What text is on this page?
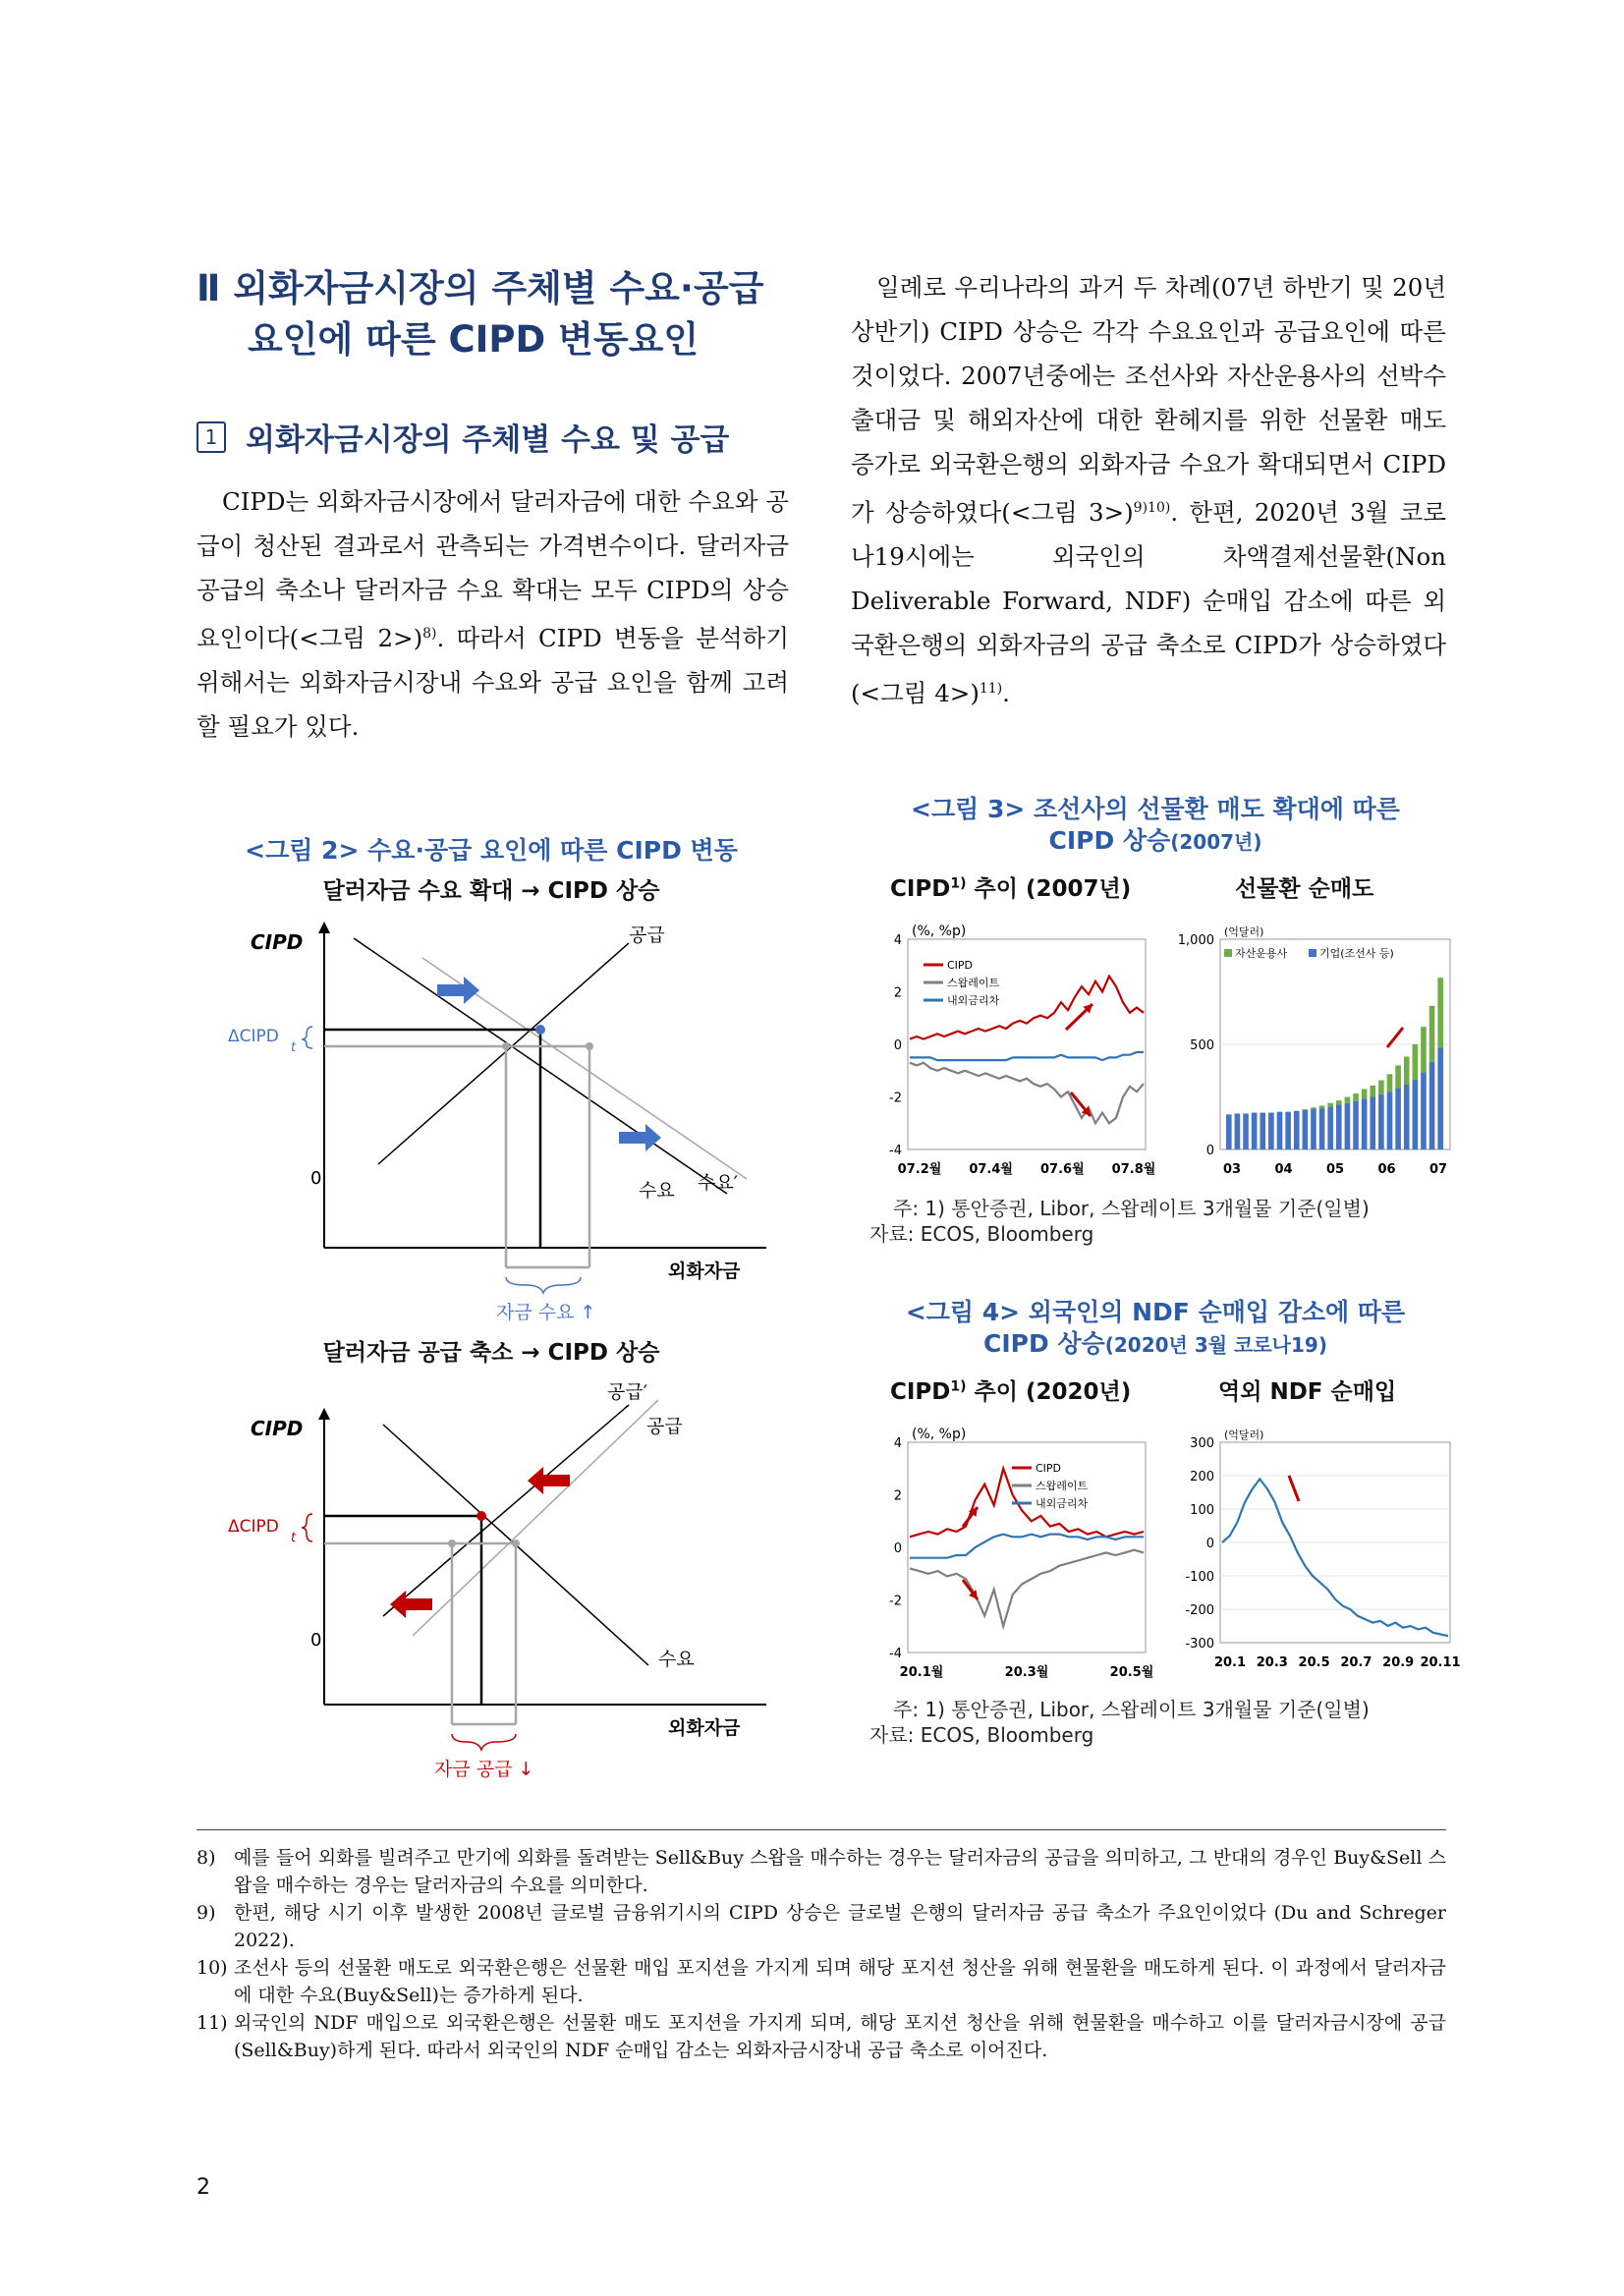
Ⅱ 외화자금시장의 주체별 수요·공급
요인에 따른 CIPD 변동요인
1 외화자금시장의 주체별 수요 및 공급

CIPD는 외화자금시장에서 달러자금에 대한 수요와 공급이 청산된 결과로서 관측되는 가격변수이다. 달러자금 공급의 축소나 달러자금 수요 확대는 모두 CIPD의 상승요인이다(<그림 2>)$^{8)}$. 따라서 CIPD 변동을 분석하기 위해서는 외화자금시장내 수요와 공급 요인을 함께 고려할 필요가 있다.

일례로 우리나라의 과거 두 차례(07년 하반기 및 20년 상반기) CIPD 상승은 각각 수요요인과 공급요인에 따른 것이었다. 2007년중에는 조선사와 자산운용사의 선박수출대금 및 해외자산에 대한 환헤지를 위한 선물환 매도 증가로 외국환은행의 외화자금 수요가 확대되면서 CIPD가 상승하였다(<그림 3>)$^{9)10)}$. 한편, 2020년 3월 코로나19시에는 외국인의 차액결제선물환(Non Deliverable Forward, NDF) 순매입 감소에 따른 외국환은행의 외화자금의 공급 축소로 CIPD가 상승하였다(<그림 4>)$^{11)}$.

<그림 2> 수요·공급 요인에 따른 CIPD 변동
달러자금 수요 확대 → CIPD 상승
CIPD
외화자금
0
공급
수요 수요′
ΔCIPD
t
자금 수요 ↑
달러자금 공급 축소 → CIPD 상승
CIPD
외화자금
0
공급′
공급
수요
ΔCIPD
t
자금 공급 ↓
<그림 3> 조선사의 선물환 매도 확대에 따른
CIPD 상승(2007년)
CIPD$^{1)}$ 추이 (2007년)	선물환 순매도
(%, %p)
4
2
0
-2
-4
07.2월 07.4월 07.6월 07.8월
CIPD
스왑레이트
내외금리차
(억달러)
1,000
500
0
03	04	05	06	07
자산운용사	기업(조선사 등)
주: 1) 통안증권, Libor, 스왑레이트 3개월물 기준(일별)
자료: ECOS, Bloomberg
<그림 4> 외국인의 NDF 순매입 감소에 따른
CIPD 상승(2020년 3월 코로나19)
CIPD$^{1)}$ 추이 (2020년)	역외 NDF 순매입
(%, %p)
4
2
0
-2
-4
20.1월	20.3월	20.5월
CIPD
스왑레이트
내외금리차
(억달러)
300
200
100
0
-100
-200
-300
20.1 20.3 20.5 20.7 20.9 20.11
주: 1) 통안증권, Libor, 스왑레이트 3개월물 기준(일별)
자료: ECOS, Bloomberg
8) 예를 들어 외화를 빌려주고 만기에 외화를 돌려받는 Sell&Buy 스왑을 매수하는 경우는 달러자금의 공급을 의미하고, 그 반대의 경우인 Buy&Sell 스왑을 매수하는 경우는 달러자금의 수요를 의미한다.
9) 한편, 해당 시기 이후 발생한 2008년 글로벌 금융위기시의 CIPD 상승은 글로벌 은행의 달러자금 공급 축소가 주요인이었다 (Du and Schreger 2022).
10) 조선사 등의 선물환 매도로 외국환은행은 선물환 매입 포지션을 가지게 되며 해당 포지션 청산을 위해 현물환을 매도하게 된다. 이 과정에서 달러자금에 대한 수요(Buy&Sell)는 증가하게 된다.
11) 외국인의 NDF 매입으로 외국환은행은 선물환 매도 포지션을 가지게 되며, 해당 포지션 청산을 위해 현물환을 매수하고 이를 달러자금시장에 공급(Sell&Buy)하게 된다. 따라서 외국인의 NDF 순매입 감소는 외화자금시장내 공급 축소로 이어진다.
2
